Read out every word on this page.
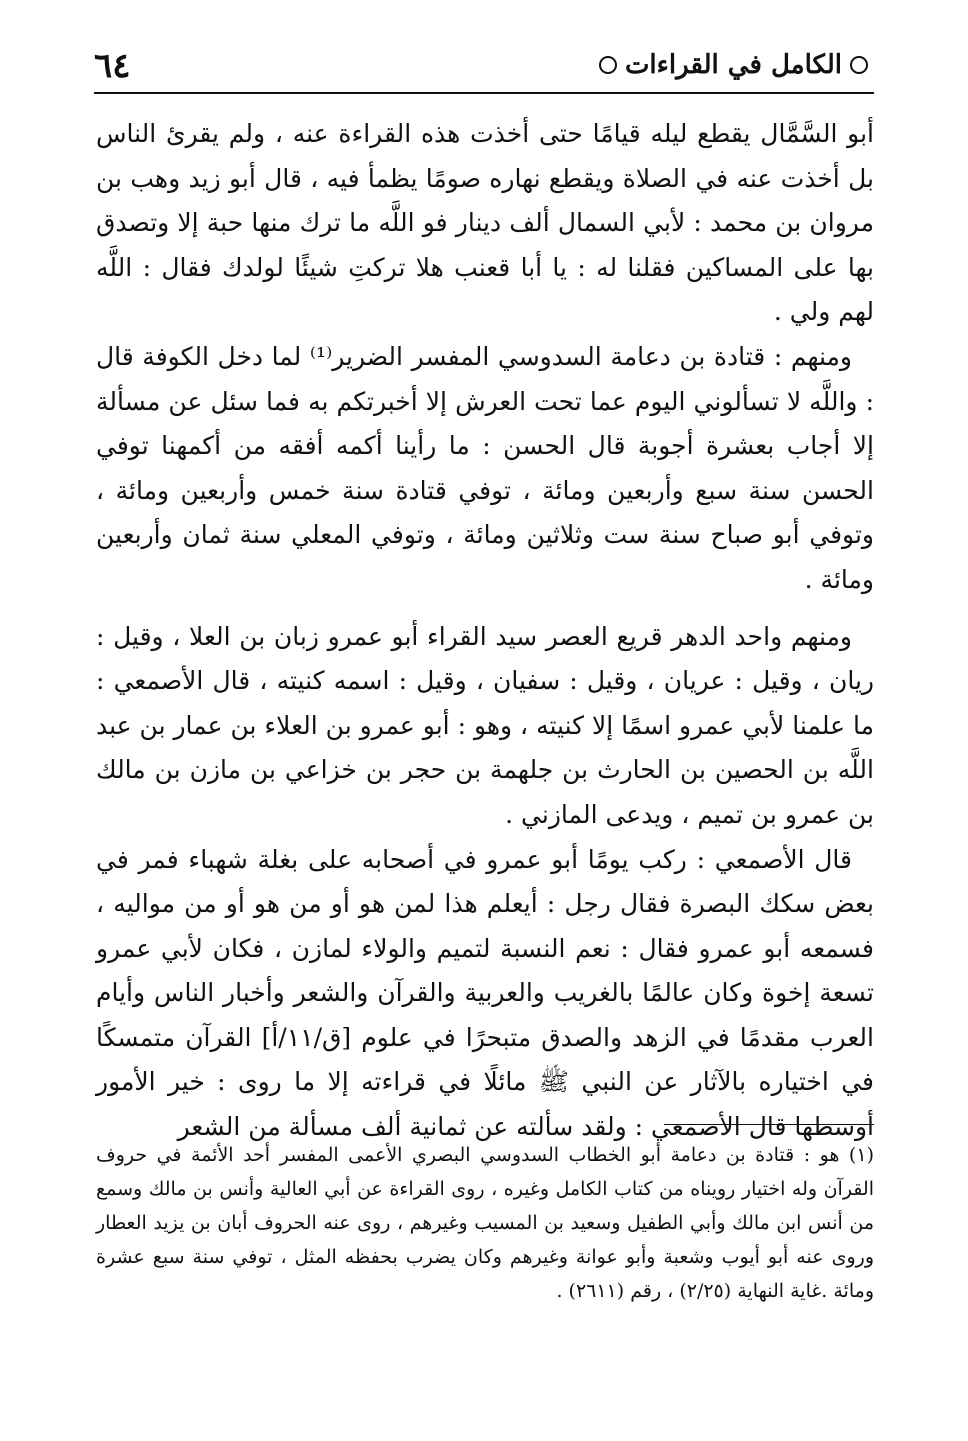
٦٤	الكامل في القراءات

أبو السَّمَّال يقطع ليله قيامًا حتى أخذت هذه القراءة عنه ، ولم يقرئ الناس بل أخذت عنه في الصلاة ويقطع نهاره صومًا يظمأ فيه ، قال أبو زيد وهب بن مروان بن محمد : لأبي السمال ألف دينار فو اللَّه ما ترك منها حبة إلا وتصدق بها على المساكين فقلنا له : يا أبا قعنب هلا تركتِ شيئًا لولدك فقال : اللَّه لهم ولي .

ومنهم : قتادة بن دعامة السدوسي المفسر الضرير⁽¹⁾ لما دخل الكوفة قال : واللَّه لا تسألوني اليوم عما تحت العرش إلا أخبرتكم به فما سئل عن مسألة إلا أجاب بعشرة أجوبة قال الحسن : ما رأينا أكمه أفقه من أكمهنا توفي الحسن سنة سبع وأربعين ومائة ، توفي قتادة سنة خمس وأربعين ومائة ، وتوفي أبو صباح سنة ست وثلاثين ومائة ، وتوفي المعلي سنة ثمان وأربعين ومائة .

ومنهم واحد الدهر قريع العصر سيد القراء أبو عمرو زبان بن العلا ، وقيل : ريان ، وقيل : عريان ، وقيل : سفيان ، وقيل : اسمه كنيته ، قال الأصمعي : ما علمنا لأبي عمرو اسمًا إلا كنيته ، وهو : أبو عمرو بن العلاء بن عمار بن عبد اللَّه بن الحصين بن الحارث بن جلهمة بن حجر بن خزاعي بن مازن بن مالك بن عمرو بن تميم ، ويدعى المازني .

قال الأصمعي : ركب يومًا أبو عمرو في أصحابه على بغلة شهباء فمر في بعض سكك البصرة فقال رجل : أيعلم هذا لمن هو أو من هو أو من مواليه ، فسمعه أبو عمرو فقال : نعم النسبة لتميم والولاء لمازن ، فكان لأبي عمرو تسعة إخوة وكان عالمًا بالغريب والعربية والقرآن والشعر وأخبار الناس وأيام العرب مقدمًا في الزهد والصدق متبحرًا في علوم [ق/١١/أ] القرآن متمسكًا في اختياره بالآثار عن النبي ﷺ مائلًا في قراءته إلا ما روى : خير الأمور أوسطها قال الأصمعي : ولقد سألته عن ثمانية ألف مسألة من الشعر

(١) هو : قتادة بن دعامة أبو الخطاب السدوسي البصري الأعمى المفسر أحد الأئمة في حروف القرآن وله اختيار رويناه من كتاب الكامل وغيره ، روى القراءة عن أبي العالية وأنس بن مالك وسمع من أنس ابن مالك وأبي الطفيل وسعيد بن المسيب وغيرهم ، روى عنه الحروف أبان بن يزيد العطار وروى عنه أبو أيوب وشعبة وأبو عوانة وغيرهم وكان يضرب بحفظه المثل ، توفي سنة سبع عشرة ومائة .غاية النهاية (٢/٢٥) ، رقم (٢٦١١) .
